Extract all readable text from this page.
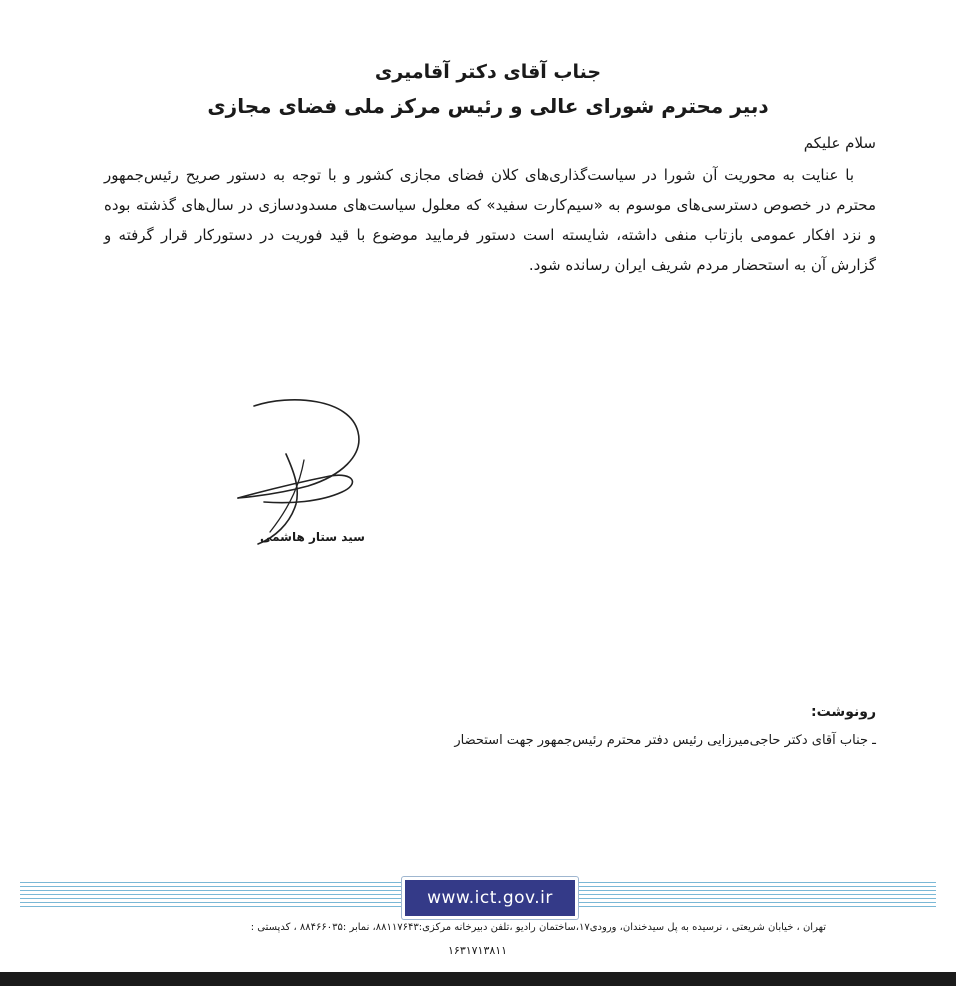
جناب آقای دکتر آقامیری
دبیر محترم شورای عالی و رئیس مرکز ملی فضای مجازی
سلام علیکم
با عنایت به محوریت آن شورا در سیاست‌گذاری‌های کلان فضای مجازی کشور و با توجه به دستور صریح رئیس‌جمهور محترم در خصوص دسترسی‌های موسوم به «سیم‌کارت سفید» که معلول سیاست‌های مسدودسازی در سال‌های گذشته بوده و نزد افکار عمومی بازتاب منفی داشته، شایسته است دستور فرمایید موضوع با قید فوریت در دستورکار قرار گرفته و گزارش آن به استحضار مردم شریف ایران رسانده شود.
سید ستار هاشمی
رونوشت:
ـ جناب آقای دکتر حاجی‌میرزایی رئیس دفتر محترم رئیس‌جمهور جهت استحضار
www.ict.gov.ir
تهران ، خیابان شریعتی ، نرسیده به پل سیدخندان، ورودی۱۷،ساختمان رادیو ،تلفن دبیرخانه مرکزی:۸۸۱۱۷۶۴۳، نمابر :۸۸۴۶۶۰۳۵ ، کدپستی :
۱۶۳۱۷۱۳۸۱۱
